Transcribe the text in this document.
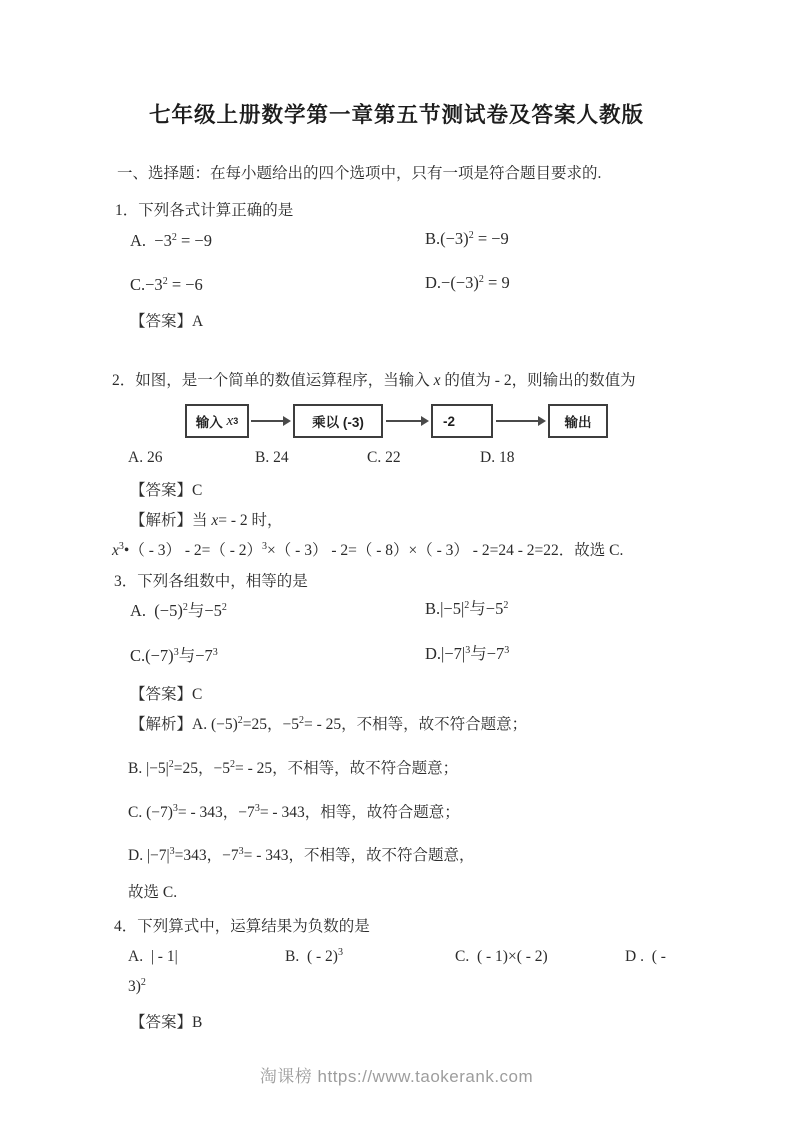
七年级上册数学第一章第五节测试卷及答案人教版
一、选择题：在每小题给出的四个选项中，只有一项是符合题目要求的.
1．下列各式计算正确的是
A.  $-3^2 = -9$	$B.(-3)^2 = -9$
$C.-3^2 = -6$	$D.-(-3)^2 = 9$
【答案】A
2．如图，是一个简单的数值运算程序，当输入 x 的值为 - 2，则输出的数值为
输入 x 3	乘以 (-3)	-2	输出
A. 26	B. 24	C. 22	D. 18
【答案】C
【解析】当 x= - 2 时，
$x^3•( - 3) - 2=( - 2)^3\times( - 3) - 2=( - 8)\times( - 3) - 2=24 - 2=22$．故选 C.
3．下列各组数中，相等的是
A.  $(-5)^2$与$-5^2$	$B.|-5|^2$与$-5^2$
$C.(-7)^3$与$-7^3$	$D.|-7|^3$与$-7^3$
【答案】C
【解析】A. $(-5)^2=25$，$-5^2= - 25$，不相等，故不符合题意；
B. $|-5|^2=25$，$-5^2= - 25$，不相等，故不符合题意；
C. $(-7)^3= - 343$，$-7^3= - 343$，相等，故符合题意；
D. $|-7|^3=343$，$-7^3= - 343$，不相等，故不符合题意，
故选 C.
4．下列算式中，运算结果为负数的是
A.  | - 1|	B.  ( - 2)$^3$	C.  ( - 1)×( - 2)	D .  ( -
3)$^2$
【答案】B
淘课榜 https://www.taokerank.com
